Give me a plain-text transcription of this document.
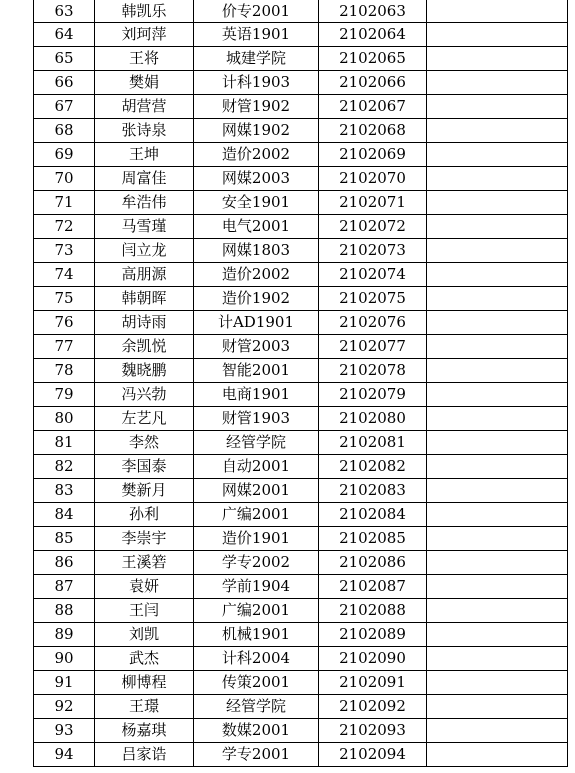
63	韩凯乐	价专2001	2102063	
64	刘珂萍	英语1901	2102064	
65	王将	城建学院	2102065	
66	樊娟	计科1903	2102066	
67	胡营营	财管1902	2102067	
68	张诗泉	网媒1902	2102068	
69	王坤	造价2002	2102069	
70	周富佳	网媒2003	2102070	
71	牟浩伟	安全1901	2102071	
72	马雪瑾	电气2001	2102072	
73	闫立龙	网媒1803	2102073	
74	高朋源	造价2002	2102074	
75	韩朝晖	造价1902	2102075	
76	胡诗雨	计AD1901	2102076	
77	余凯悦	财管2003	2102077	
78	魏晓鹏	智能2001	2102078	
79	冯兴勃	电商1901	2102079	
80	左艺凡	财管1903	2102080	
81	李然	经管学院	2102081	
82	李国泰	自动2001	2102082	
83	樊新月	网媒2001	2102083	
84	孙利	广编2001	2102084	
85	李崇宇	造价1901	2102085	
86	王溪箬	学专2002	2102086	
87	袁妍	学前1904	2102087	
88	王闫	广编2001	2102088	
89	刘凯	机械1901	2102089	
90	武杰	计科2004	2102090	
91	柳博程	传策2001	2102091	
92	王璟	经管学院	2102092	
93	杨嘉琪	数媒2001	2102093	
94	吕家诰	学专2001	2102094	
